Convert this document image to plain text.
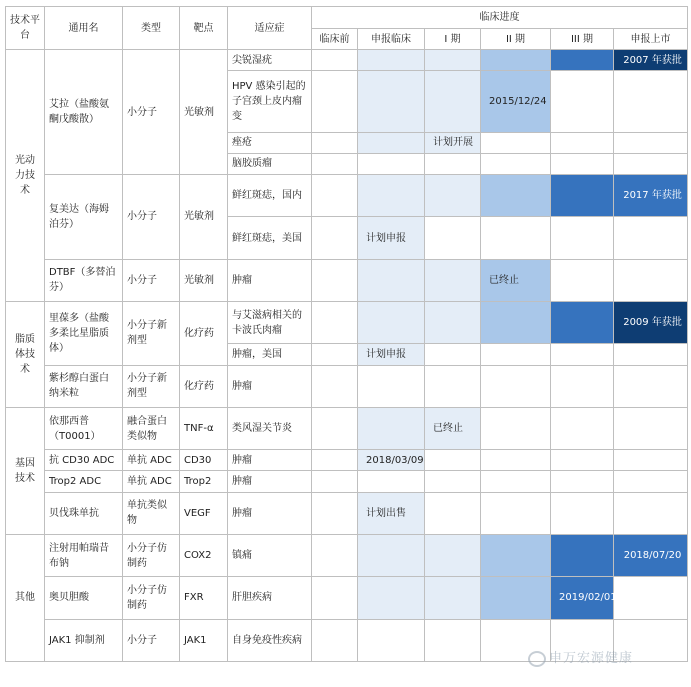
技术平台	通用名	类型	靶点	适应症	临床进度					
					临床前	申报临床	I 期	II 期	III 期	申报上市
光动力技术	艾拉（盐酸氨酮戊酸散）	小分子	光敏剂	尖锐湿疣						2007 年获批
				HPV 感染引起的子宫颈上皮内瘤变				2015/12/24		
				痤疮			计划开展			
				脑胶质瘤						
	复美达（海姆泊芬）	小分子	光敏剂	鲜红斑痣，国内						2017 年获批
				鲜红斑痣，美国		计划申报				
	DTBF（多替泊芬）	小分子	光敏剂	肿瘤				已终止		
脂质体技术	里葆多（盐酸多柔比星脂质体）	小分子新剂型	化疗药	与艾滋病相关的卡波氏肉瘤						2009 年获批
				肿瘤，美国		计划申报				
	紫杉醇白蛋白纳米粒	小分子新剂型	化疗药	肿瘤						
基因技术	依那西普（T0001）	融合蛋白类似物	TNF-α	类风湿关节炎			已终止			
	抗 CD30 ADC	单抗 ADC	CD30	肿瘤		2018/03/09				
	Trop2 ADC	单抗 ADC	Trop2	肿瘤						
	贝伐珠单抗	单抗类似物	VEGF	肿瘤		计划出售				
其他	注射用帕瑞昔布钠	小分子仿制药	COX2	镇痛						2018/07/20
	奥贝胆酸	小分子仿制药	FXR	肝胆疾病					2019/02/01	
	JAK1 抑制剂	小分子	JAK1	自身免疫性疾病						
申万宏源健康
